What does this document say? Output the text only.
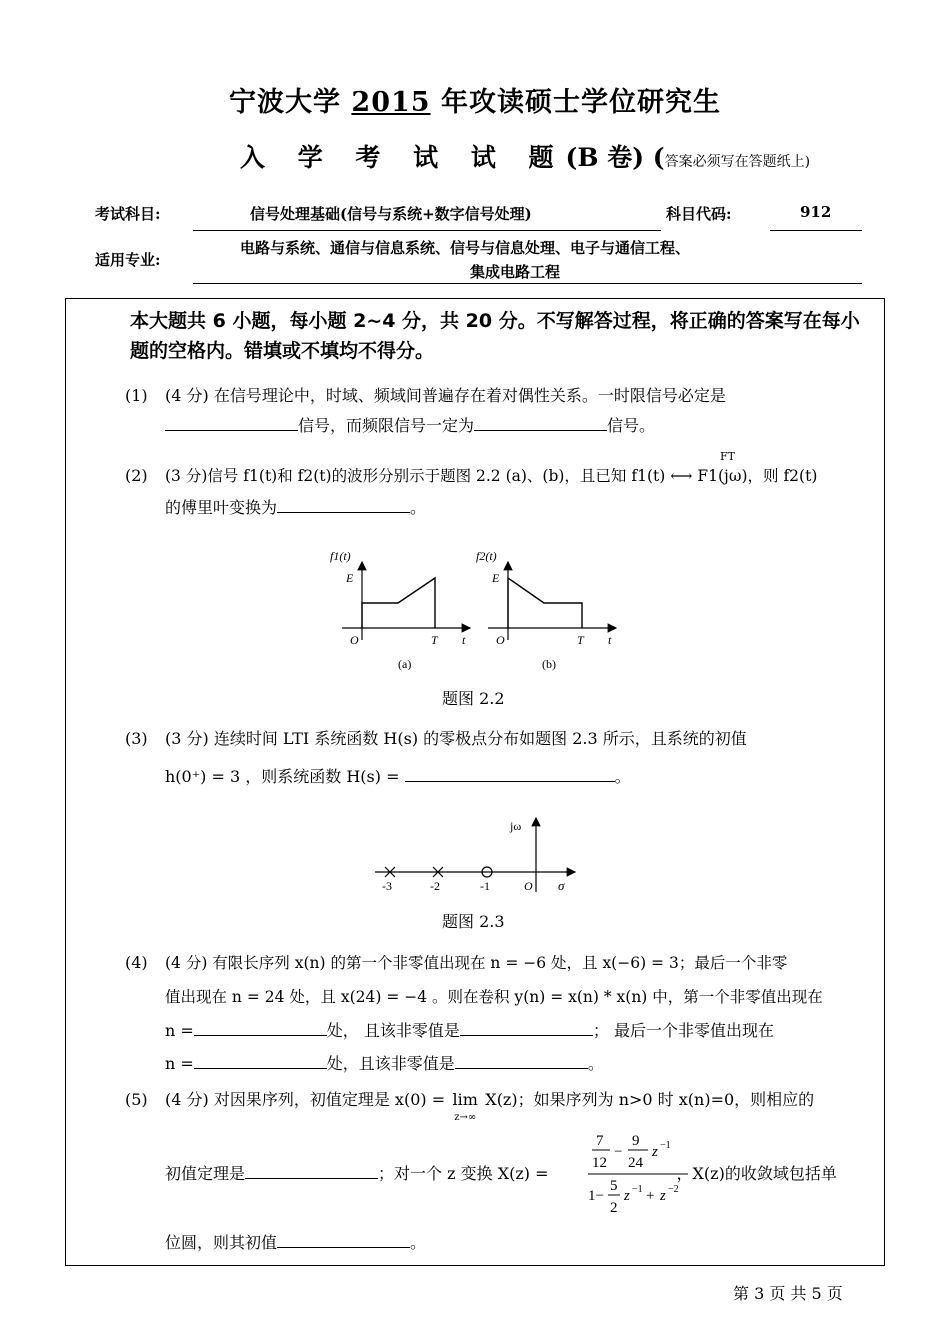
宁波大学 2015 年攻读硕士学位研究生
入 学 考 试 试 题(B 卷) (答案必须写在答题纸上)
考试科目:	信号处理基础(信号与系统+数字信号处理)	科目代码:	912
适用专业:
电路与系统、通信与信息系统、信号与信息处理、电子与通信工程、
集成电路工程
本大题共 6 小题，每小题 2~4 分，共 20 分。不写解答过程，将正确的答案写在每小题的空格内。错填或不填均不得分。
(1) (4 分) 在信号理论中，时域、频域间普遍存在着对偶性关系。一时限信号必定是
信号，而频限信号一定为	信号。
(2)
FT
(3 分)信号 f1(t)和 f2(t)的波形分别示于题图 2.2 (a)、(b)，且已知 f1(t) ⟷ F1(jω)，则 f2(t)
的傅里叶变换为	。
f1(t)
E
O	T t
(a)
f2(t)
E
O	T t
(b)
题图 2.2
(3) (3 分) 连续时间 LTI 系统函数 H(s) 的零极点分布如题图 2.3 所示，且系统的初值
h(0⁺) = 3 ，则系统函数 H(s) =	。
jω
σ
O
-3	-2	-1
题图 2.3
(4) (4 分) 有限长序列 x(n) 的第一个非零值出现在 n = −6 处，且 x(−6) = 3；最后一个非零
值出现在 n = 24 处，且 x(24) = −4 。则在卷积 y(n) = x(n) * x(n) 中，第一个非零值出现在
n =	处， 且该非零值是	； 最后一个非零值出现在
n =	处，且该非零值是	。
(5) (4 分) 对因果序列，初值定理是 x(0) = lim
z→∞
X(z)；如果序列为 n>0 时 x(n)=0，则相应的
初值定理是	；对一个 z 变换 X(z) =	，X(z)的收敛域包括单
7
12
−
9
24
z −1
1−
5
2
z −1 + z −2
位圆，则其初值	。
第 3 页 共 5 页
